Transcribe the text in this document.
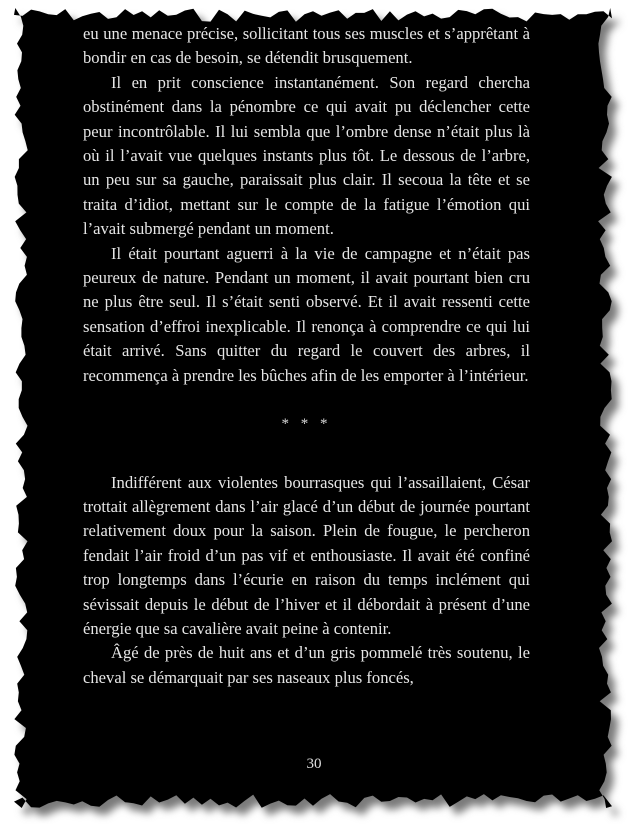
eu une menace précise, sollicitant tous ses muscles et s’apprêtant à bondir en cas de besoin, se détendit brusquement.

Il en prit conscience instantanément. Son regard chercha obstinément dans la pénombre ce qui avait pu déclencher cette peur incontrôlable. Il lui sembla que l’ombre dense n’était plus là où il l’avait vue quelques instants plus tôt. Le dessous de l’arbre, un peu sur sa gauche, paraissait plus clair. Il secoua la tête et se traita d’idiot, mettant sur le compte de la fatigue l’émotion qui l’avait submergé pendant un moment.

Il était pourtant aguerri à la vie de campagne et n’était pas peureux de nature. Pendant un moment, il avait pourtant bien cru ne plus être seul. Il s’était senti observé. Et il avait ressenti cette sensation d’effroi inexplicable. Il renonça à comprendre ce qui lui était arrivé. Sans quitter du regard le couvert des arbres, il recommença à prendre les bûches afin de les emporter à l’intérieur.

* * *

Indifférent aux violentes bourrasques qui l’assaillaient, César trottait allègrement dans l’air glacé d’un début de journée pourtant relativement doux pour la saison. Plein de fougue, le percheron fendait l’air froid d’un pas vif et enthousiaste. Il avait été confiné trop longtemps dans l’écurie en raison du temps inclément qui sévissait depuis le début de l’hiver et il débordait à présent d’une énergie que sa cavalière avait peine à contenir.

Âgé de près de huit ans et d’un gris pommelé très soutenu, le cheval se démarquait par ses naseaux plus foncés,

30
